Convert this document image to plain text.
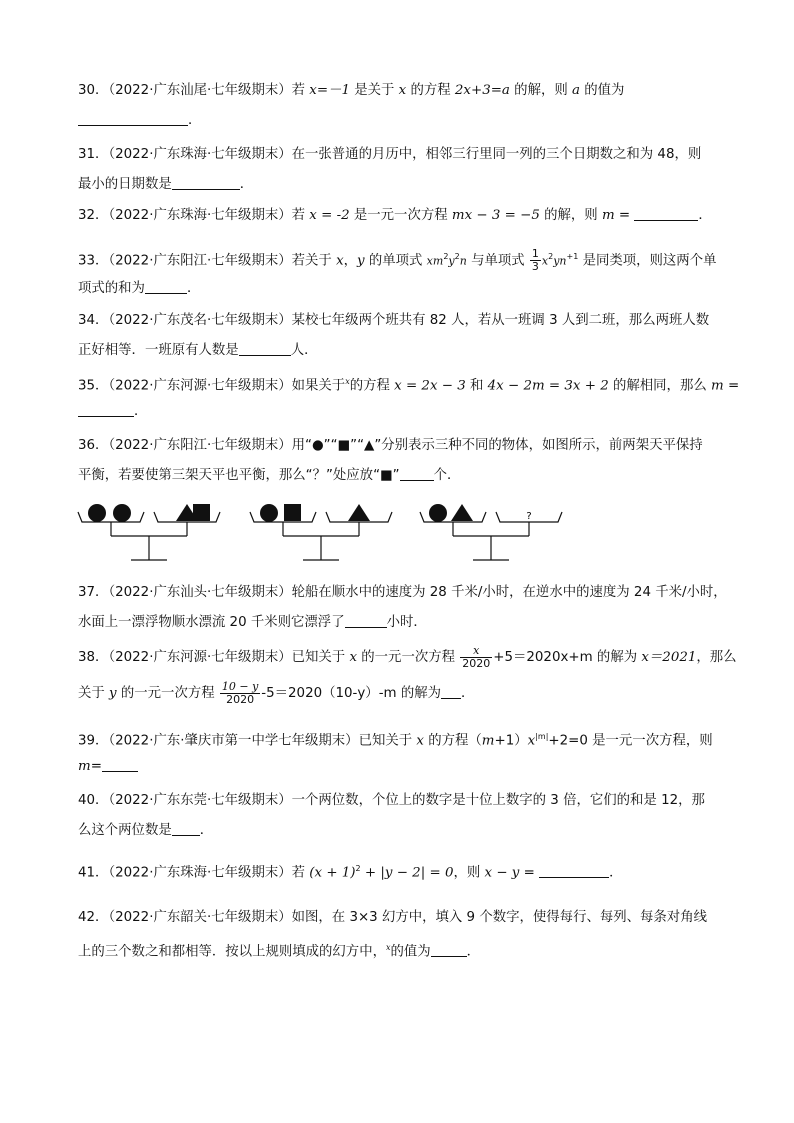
30．（2022·广东汕尾·七年级期末）若 x=－1 是关于 x 的方程 2x+3=a 的解，则 a 的值为
．
31．（2022·广东珠海·七年级期末）在一张普通的月历中，相邻三行里同一列的三个日期数之和为 48，则
最小的日期数是	．
32．（2022·广东珠海·七年级期末）若 x = -2 是一元一次方程 mx − 3 = −5 的解，则 m =	．
33．（2022·广东阳江·七年级期末）若关于 x，y 的单项式 $xm^2y^2n$ 与单项式 $\frac{1}{3} x^2yn^{+1}$ 是同类项，则这两个单
项式的和为	．
34．（2022·广东茂名·七年级期末）某校七年级两个班共有 82 人，若从一班调 3 人到二班，那么两班人数
正好相等．一班原有人数是	人．
35．（2022·广东河源·七年级期末）如果关于$^x$的方程 x = 2x − 3 和 4x − 2m = 3x + 2 的解相同，那么 m =
．
36．（2022·广东阳江·七年级期末）用“●”“■”“▲”分别表示三种不同的物体，如图所示，前两架天平保持
平衡，若要使第三架天平也平衡，那么“？”处应放“■”	个．
?
37．（2022·广东汕头·七年级期末）轮船在顺水中的速度为 28 千米/小时，在逆水中的速度为 24 千米/小时，
水面上一漂浮物顺水漂流 20 千米则它漂浮了	小时．
38．（2022·广东河源·七年级期末）已知关于 x 的一元一次方程 $\frac{x}{2020} +5=2020x+m$ 的解为 x＝2021，那么
关于 y 的一元一次方程 $\frac{10 - y}{2020} -5=2020(10-y)-m$ 的解为 ．
39．（2022·广东·肇庆市第一中学七年级期末）已知关于 x 的方程$(m+1)x^{|m|}+2=0$ 是一元一次方程，则
m=
40．（2022·广东东莞·七年级期末）一个两位数，个位上的数字是十位上数字的 3 倍，它们的和是 12，那
么这个两位数是 ．
41．（2022·广东珠海·七年级期末）若 $(x + 1)^2 + |y - 2| = 0$，则 x − y =	．
42．（2022·广东韶关·七年级期末）如图，在 3×3 幻方中，填入 9 个数字，使得每行、每列、每条对角线
上的三个数之和都相等．按以上规则填成的幻方中，$^x$的值为	．
